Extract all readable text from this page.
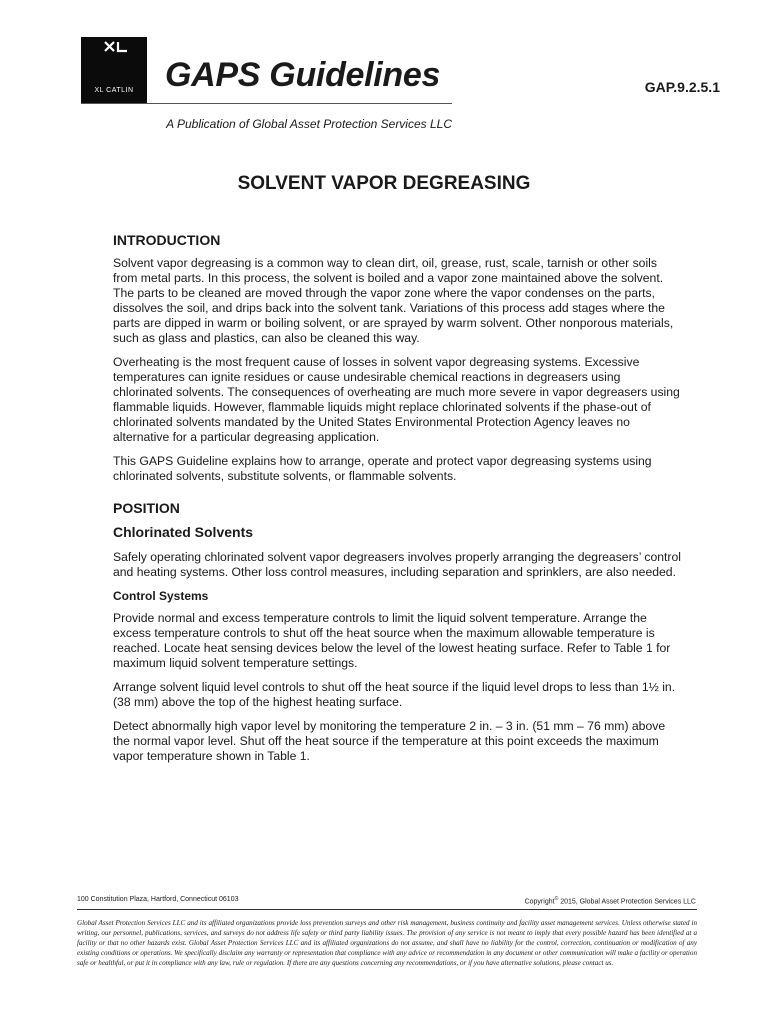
XL CATLIN GAPS Guidelines	GAP.9.2.5.1
A Publication of Global Asset Protection Services LLC
SOLVENT VAPOR DEGREASING
INTRODUCTION

Solvent vapor degreasing is a common way to clean dirt, oil, grease, rust, scale, tarnish or other soils from metal parts. In this process, the solvent is boiled and a vapor zone maintained above the solvent. The parts to be cleaned are moved through the vapor zone where the vapor condenses on the parts, dissolves the soil, and drips back into the solvent tank. Variations of this process add stages where the parts are dipped in warm or boiling solvent, or are sprayed by warm solvent. Other nonporous materials, such as glass and plastics, can also be cleaned this way.

Overheating is the most frequent cause of losses in solvent vapor degreasing systems. Excessive temperatures can ignite residues or cause undesirable chemical reactions in degreasers using chlorinated solvents. The consequences of overheating are much more severe in vapor degreasers using flammable liquids. However, flammable liquids might replace chlorinated solvents if the phase-out of chlorinated solvents mandated by the United States Environmental Protection Agency leaves no alternative for a particular degreasing application.

This GAPS Guideline explains how to arrange, operate and protect vapor degreasing systems using chlorinated solvents, substitute solvents, or flammable solvents.

POSITION
Chlorinated Solvents

Safely operating chlorinated solvent vapor degreasers involves properly arranging the degreasers’ control and heating systems. Other loss control measures, including separation and sprinklers, are also needed.

Control Systems

Provide normal and excess temperature controls to limit the liquid solvent temperature. Arrange the excess temperature controls to shut off the heat source when the maximum allowable temperature is reached. Locate heat sensing devices below the level of the lowest heating surface. Refer to Table 1 for maximum liquid solvent temperature settings.

Arrange solvent liquid level controls to shut off the heat source if the liquid level drops to less than 1½ in. (38 mm) above the top of the highest heating surface.

Detect abnormally high vapor level by monitoring the temperature 2 in. – 3 in. (51 mm – 76 mm) above the normal vapor level. Shut off the heat source if the temperature at this point exceeds the maximum vapor temperature shown in Table 1.

100 Constitution Plaza, Hartford, Connecticut 06103	Copyright© 2015, Global Asset Protection Services LLC
Global Asset Protection Services LLC and its affiliated organizations provide loss prevention surveys and other risk management, business continuity and facility asset management services. Unless otherwise stated in writing, our personnel, publications, services, and surveys do not address life safety or third party liability issues. The provision of any service is not meant to imply that every possible hazard has been identified at a facility or that no other hazards exist. Global Asset Protection Services LLC and its affiliated organizations do not assume, and shall have no liability for the control, correction, continuation or modification of any existing conditions or operations. We specifically disclaim any warranty or representation that compliance with any advice or recommendation in any document or other communication will make a facility or operation safe or healthful, or put it in compliance with any law, rule or regulation. If there are any questions concerning any recommendations, or if you have alternative solutions, please contact us.
